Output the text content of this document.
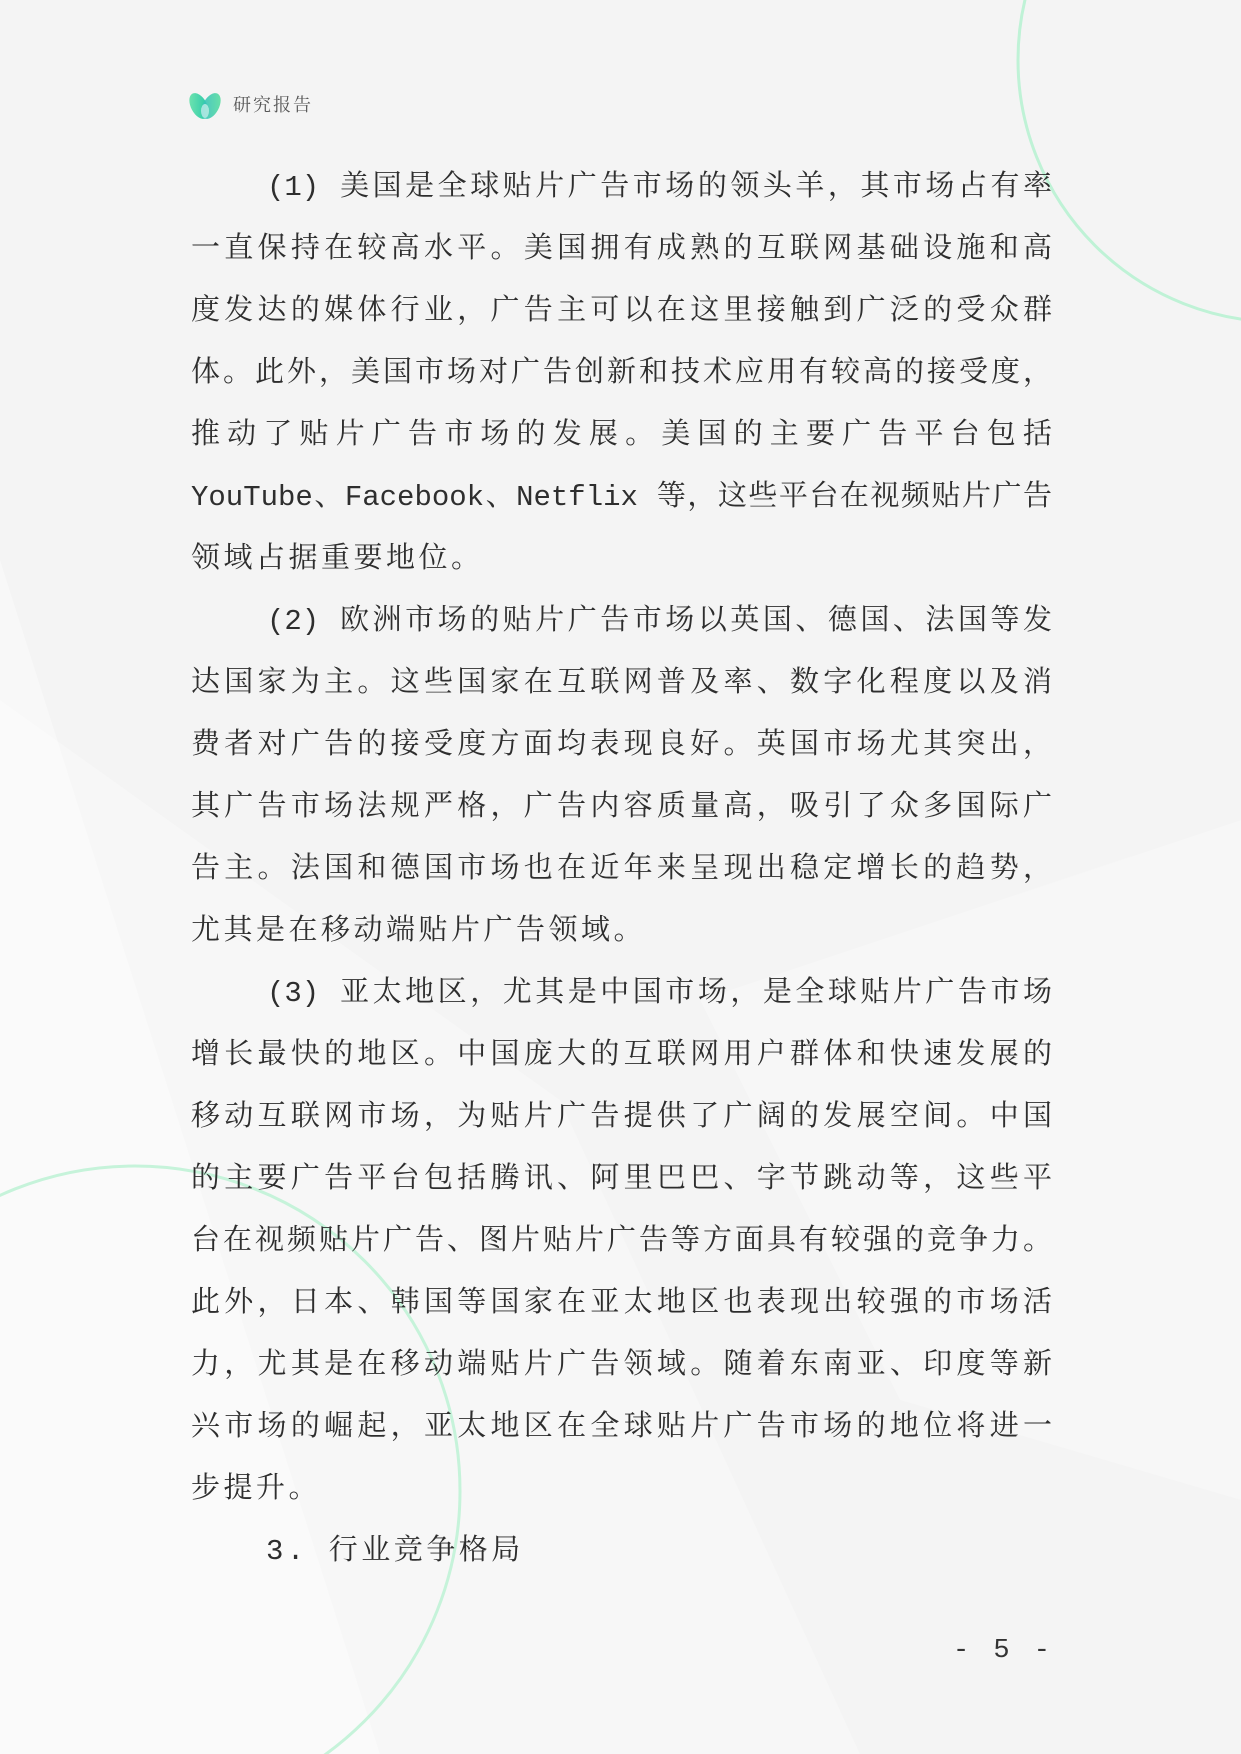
研究报告
(1) 美国是全球贴片广告市场的领头羊，其市场占有率
一直保持在较高水平。美国拥有成熟的互联网基础设施和高
度发达的媒体行业，广告主可以在这里接触到广泛的受众群
体。此外，美国市场对广告创新和技术应用有较高的接受度，
推动了贴片广告市场的发展。美国的主要广告平台包括
YouTube、Facebook、Netflix 等，这些平台在视频贴片广告
领域占据重要地位。
(2) 欧洲市场的贴片广告市场以英国、德国、法国等发
达国家为主。这些国家在互联网普及率、数字化程度以及消
费者对广告的接受度方面均表现良好。英国市场尤其突出，
其广告市场法规严格，广告内容质量高，吸引了众多国际广
告主。法国和德国市场也在近年来呈现出稳定增长的趋势，
尤其是在移动端贴片广告领域。
(3) 亚太地区，尤其是中国市场，是全球贴片广告市场
增长最快的地区。中国庞大的互联网用户群体和快速发展的
移动互联网市场，为贴片广告提供了广阔的发展空间。中国
的主要广告平台包括腾讯、阿里巴巴、字节跳动等，这些平
台在视频贴片广告、图片贴片广告等方面具有较强的竞争力。
此外，日本、韩国等国家在亚太地区也表现出较强的市场活
力，尤其是在移动端贴片广告领域。随着东南亚、印度等新
兴市场的崛起，亚太地区在全球贴片广告市场的地位将进一
步提升。
3. 行业竞争格局
- 5 -
